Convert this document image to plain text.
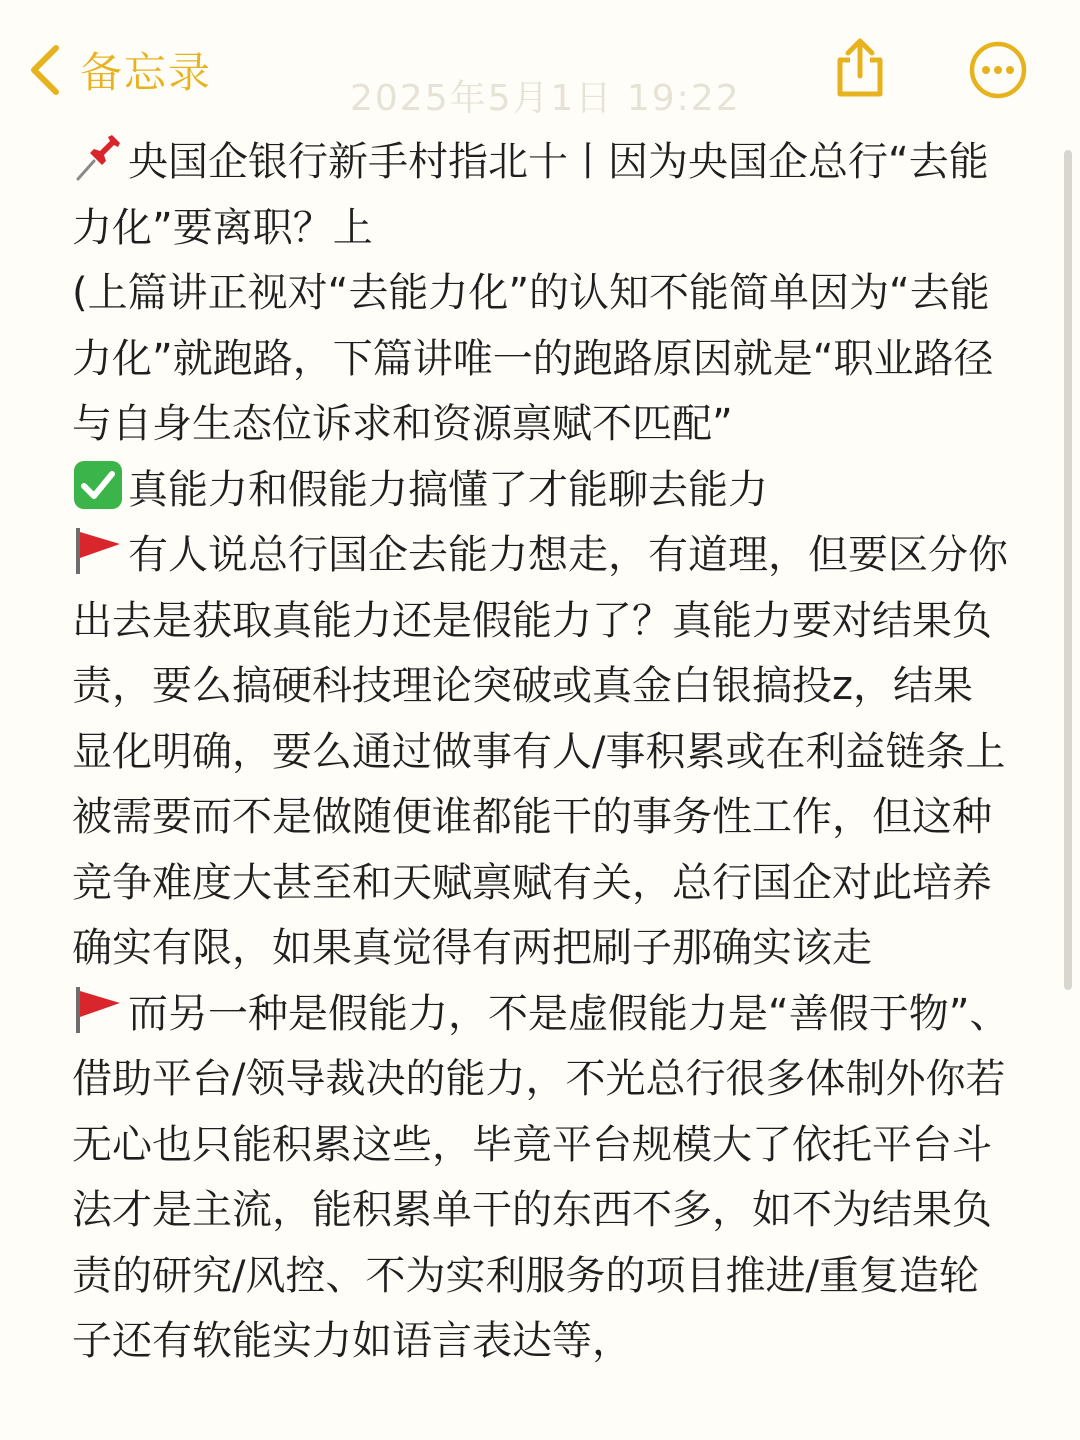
备忘录
2025年5月1日 19:22

央国企银行新手村指北十丨因为央国企总行“去能力化”要离职？上

(上篇讲正视对“去能力化”的认知不能简单因为“去能力化”就跑路，下篇讲唯一的跑路原因就是“职业路径与自身生态位诉求和资源禀赋不匹配”

真能力和假能力搞懂了才能聊去能力

有人说总行国企去能力想走，有道理，但要区分你出去是获取真能力还是假能力了？真能力要对结果负责，要么搞硬科技理论突破或真金白银搞投z，结果显化明确，要么通过做事有人/事积累或在利益链条上被需要而不是做随便谁都能干的事务性工作，但这种竞争难度大甚至和天赋禀赋有关，总行国企对此培养确实有限，如果真觉得有两把刷子那确实该走

而另一种是假能力，不是虚假能力是“善假于物”、借助平台/领导裁决的能力，不光总行很多体制外你若无心也只能积累这些，毕竟平台规模大了依托平台斗法才是主流，能积累单干的东西不多，如不为结果负责的研究/风控、不为实利服务的项目推进/重复造轮子还有软能实力如语言表达等，
